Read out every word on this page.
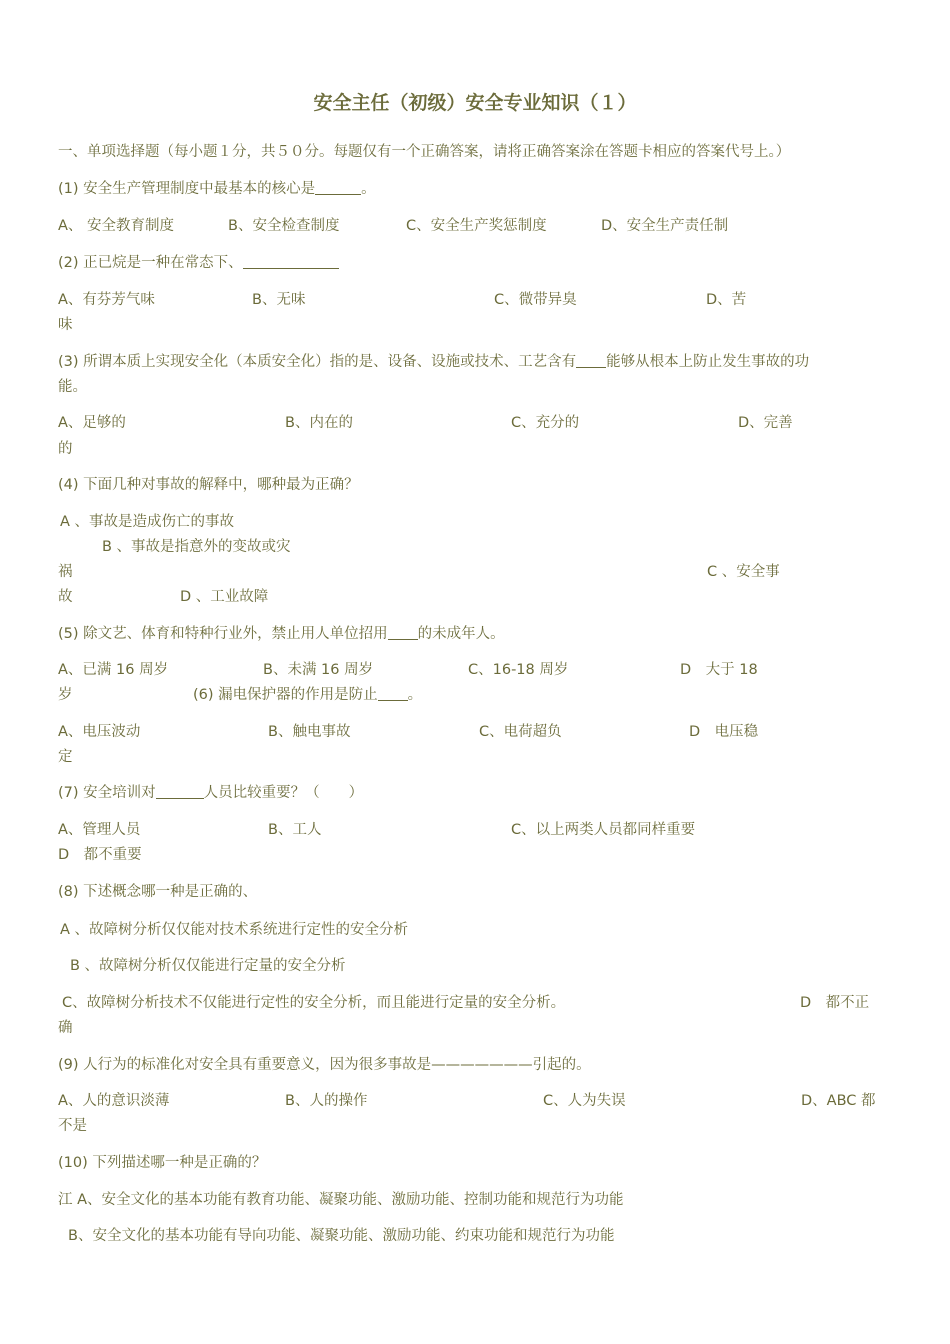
安全主任（初级）安全专业知识（１）
一、单项选择题（每小题１分，共５０分。每题仅有一个正确答案，请将正确答案涂在答题卡相应的答案代号上。）
(1) 安全生产管理制度中最基本的核心是	。
A、 安全教育制度	B、安全检查制度	C、安全生产奖惩制度	D、安全生产责任制
(2) 正已烷是一种在常态下、
A、有芬芳气味	B、无味	C、微带异臭	D、苦
味
(3) 所谓本质上实现安全化（本质安全化）指的是、设备、设施或技术、工艺含有 能够从根本上防止发生事故的功
能。
A、足够的	B、内在的	C、充分的	D、完善
的
(4) 下面几种对事故的解释中，哪种最为正确？
A 、事故是造成伤亡的事故
B 、事故是指意外的变故或灾
祸	C 、安全事
故	D 、工业故障
(5) 除文艺、体育和特种行业外，禁止用人单位招用 的未成年人。
A、已满 16 周岁	B、未满 16 周岁	C、16-18 周岁	D　大于 18
岁	(6) 漏电保护器的作用是防止 。
A、电压波动	B、触电事故	C、电荷超负	D　电压稳
定
(7) 安全培训对	人员比较重要？（　　）
A、管理人员	B、工人	C、以上两类人员都同样重要
D　都不重要
(8) 下述概念哪一种是正确的、
A 、故障树分析仅仅能对技术系统进行定性的安全分析
B 、故障树分析仅仅能进行定量的安全分析
C、故障树分析技术不仅能进行定性的安全分析，而且能进行定量的安全分析。	D　都不正
确
(9) 人行为的标准化对安全具有重要意义，因为很多事故是———————引起的。
A、人的意识淡薄	B、人的操作	C、人为失误	D、ABC 都
不是
(10) 下列描述哪一种是正确的？
江 A、安全文化的基本功能有教育功能、凝聚功能、激励功能、控制功能和规范行为功能
B、安全文化的基本功能有导向功能、凝聚功能、激励功能、约束功能和规范行为功能
